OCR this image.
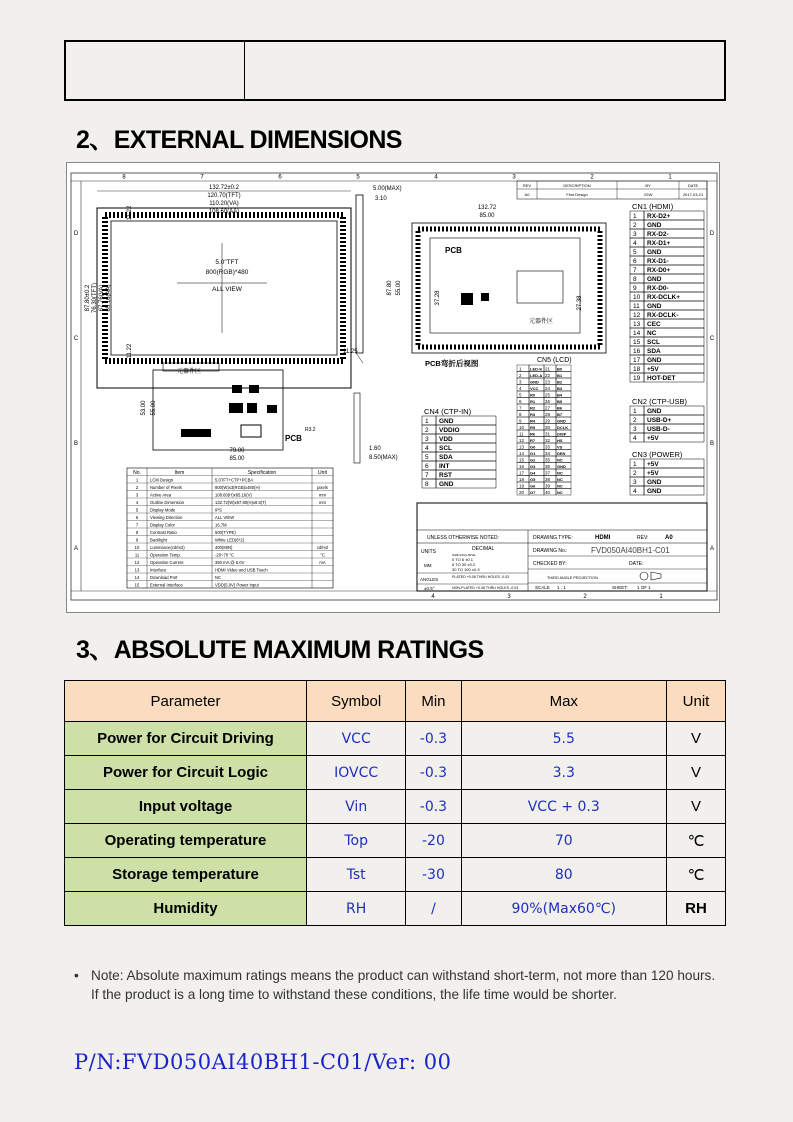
2、EXTERNAL DIMENSIONS
8	7	6	5	4	3	2	1
D	D
C	C
B	B
A	A
4	3	2	1
5.0"TFT
800(RGB)*480
ALL VIEW
132.72±0.2
120.70(TFT)
110.20(VA)
108.60(AA)
87.80±0.2 76.30(TFT) 67.76(VA) 65.16(AA)
11.22
11.22
5.00(MAX)
3.10
11.25
1.60
8.50(MAX)
元器件区
PCB
R3.2
53.00 55.00
79.00
85.00
PCB
元器件区
132.72
85.00
87.80 55.00
37.28	27.38
PCB弯折后视图
REV	DESCRIPTION	BY	DATE
A0	First Design	JGW	2017-03-21
CN1 (HDMI)
1 RX-D2+
2 GND
3 RX-D2-
4 RX-D1+
5 GND
6 RX-D1-
7 RX-D0+
8 GND
9 RX-D0-
10 RX-DCLK+
11 GND
12 RX-DCLK-
13 CEC
14 NC
15 SCL
16 SDA
17 GND
18 +5V
19 HOT-DET
CN2 (CTP-USB)
1 GND
2 USB-D+
3 USB-D-
4 +5V
CN3 (POWER)
1 +5V
2 +5V
3 GND
4 GND
CN4 (CTP-IN)
1 GND
2 VDDIO
3 VDD
4 SCL
5 SDA
6 INT
7 RST
8 GND
CN5 (LCD)
1 LED-K 21 B0
2 LED-A 22 B1
3 GND 23 B2
4 VCC 24 B3
5 R0 25 B4
6 R1 26 B5
7 R2 27 B6
8 R3 28 B7
9 R4 29 GND
10 R5 30 DCLK
11 R6 31 DISP
12 R7 32 HS
13 G0 33 VS
14 G1 34 DEN
15 G2 35 NC
16 G3 36 GND
17 G4 37 NC
18 G5 38 NC
19 G6 39 NC
20 G7 40 NC
No.	Item	Specification	Unit
1	LCM Design	5.0TFT+CTP+PCBA
2	Number of Pixels	800(W)x3(RGB)x480(H)	pixels
3	Active Area	108.60(H)x65.16(V)	mm
4	Outline Dimension	132.72(W)x87.80(H)x8.5(T)	mm
5	Display Mode	IPS
6	Viewing Direction	ALL VIEW
7	Display Color	16.7M
8	Contrast Ratio	500(TYPE)
9	Backlight	White LED(6*2)
10	Luminance(cd/m2)	400(MIN)	cd/m2
11	Operation Temp.	-20~70 °C	°C
12	Operation Current	350 mA @ 5.0V	mA
13	Interface	HDMI Video and USB Touch
14	Download Port	NC
15	External Interface	VDD(5.0V) Power Input
UNLESS OTHERWISE NOTED:
UNITS	DECIMAL
SIZE INCLUSIVE
MM
0 TO 6 ±0.1
6 TO 30 ±0.2
30 TO 100 ±0.3
ANGLES	PLATED +0.08 THRU HOLES -0.03
±0.5°	NON-PLATED +0.08 THRU HOLES -0.03
DRAWING TYPE:	HDMI	REV:	A0
DRAWING No.:	FVD050AI40BH1-C01
CHECKED BY:	DATE:
THIRD ANGLE PROJECTION
SCALE 1 : 1	SHEET: 1 OF 1
3、ABSOLUTE MAXIMUM RATINGS
Parameter	Symbol	Min	Max	Unit
Power for Circuit Driving	VCC	-0.3	5.5	V
Power for Circuit Logic	IOVCC	-0.3	3.3	V
Input voltage	Vin	-0.3	VCC + 0.3	V
Operating temperature	Top	-20	70	℃
Storage temperature	Tst	-30	80	℃
Humidity	RH	/	90%(Max60℃)	RH
• Note: Absolute maximum ratings means the product can withstand short-term, not more than 120 hours. If the product is a long time to withstand these conditions, the life time would be shorter.
P/N:FVD050AI40BH1-C01/Ver: 00
